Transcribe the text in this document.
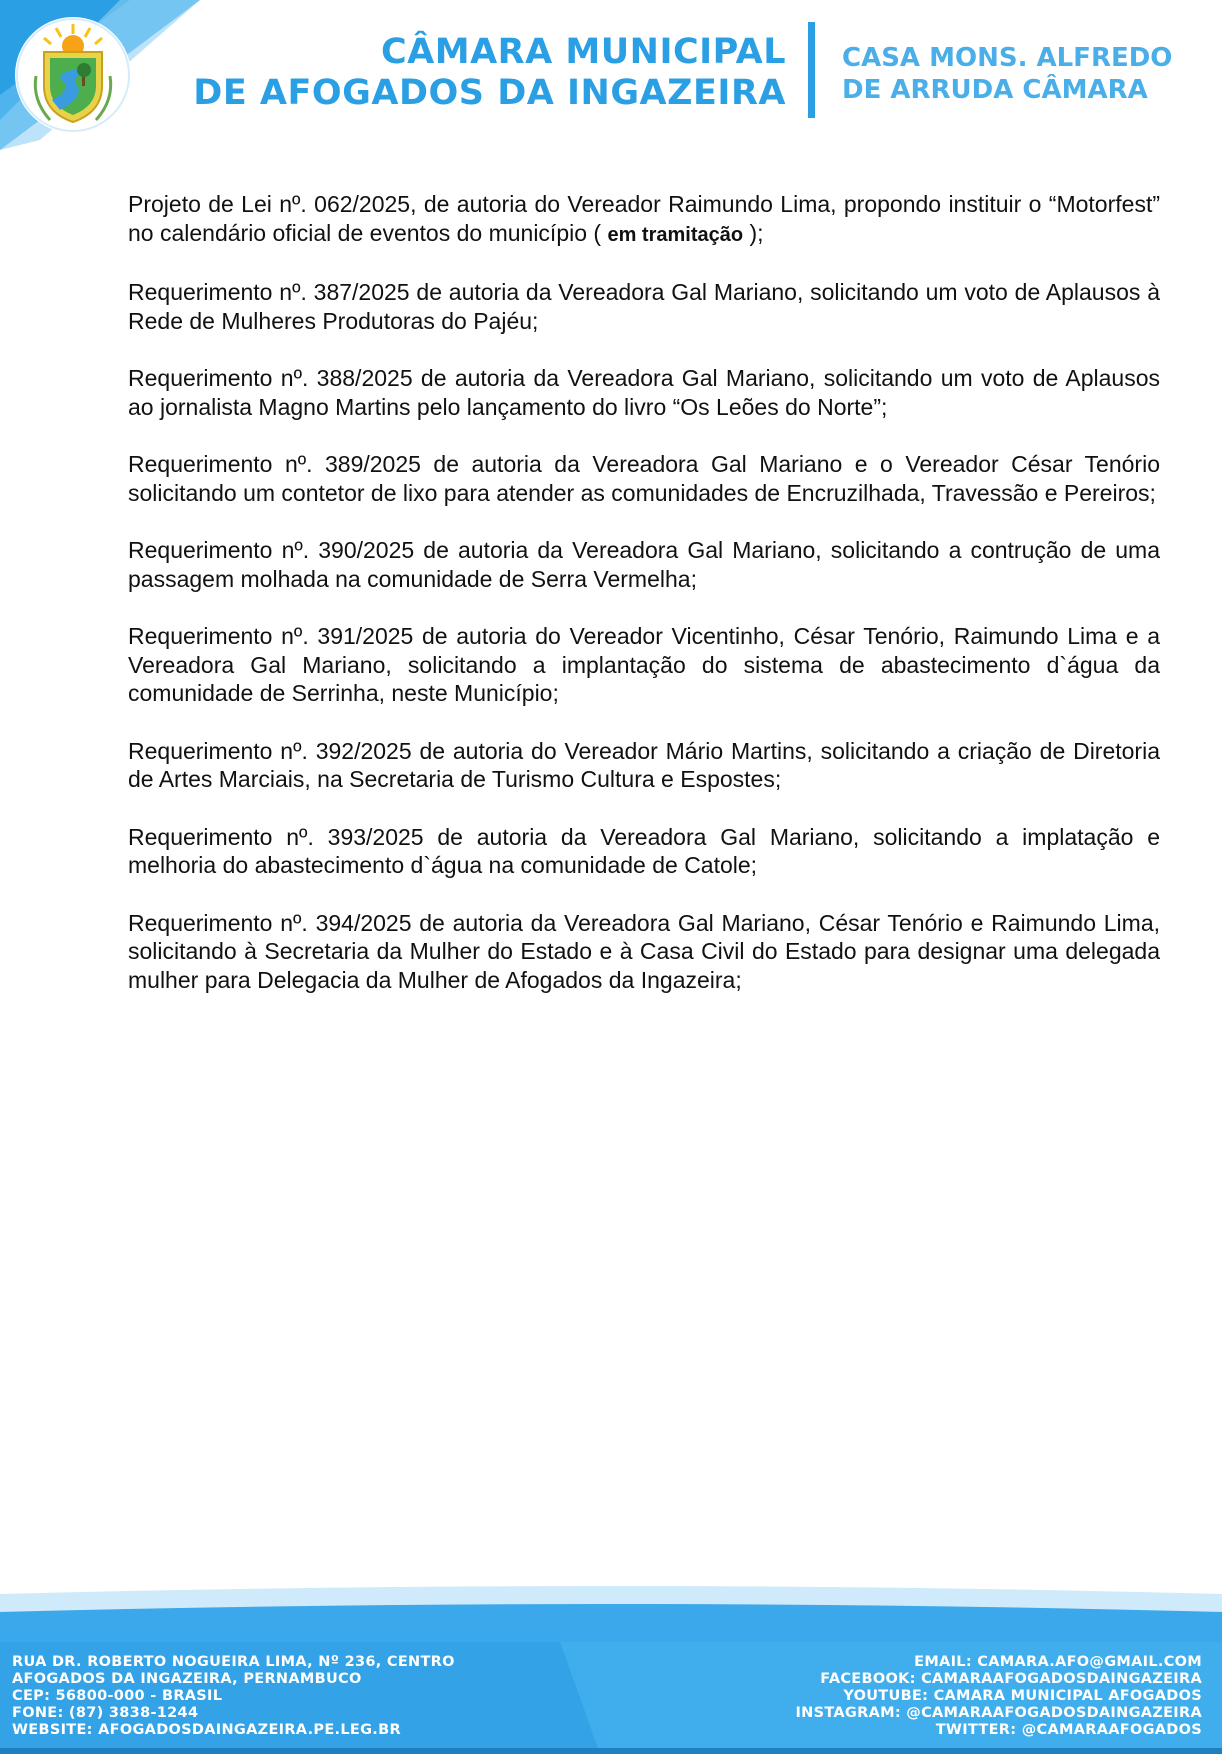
CÂMARA MUNICIPAL
DE AFOGADOS DA INGAZEIRA
CASA MONS. ALFREDO
DE ARRUDA CÂMARA

Projeto de Lei nº. 062/2025, de autoria do Vereador Raimundo Lima, propondo instituir o “Motorfest” no calendário oficial de eventos do município ( em tramitação );

Requerimento nº. 387/2025 de autoria da Vereadora Gal Mariano, solicitando um voto de Aplausos à Rede de Mulheres Produtoras do Pajéu;

Requerimento nº. 388/2025 de autoria da Vereadora Gal Mariano, solicitando um voto de Aplausos ao jornalista Magno Martins pelo lançamento do livro “Os Leões do Norte”;

Requerimento nº. 389/2025 de autoria da Vereadora Gal Mariano e o Vereador César Tenório solicitando um contetor de lixo para atender as comunidades de Encruzilhada, Travessão e Pereiros;

Requerimento nº. 390/2025 de autoria da Vereadora Gal Mariano, solicitando a contrução de uma passagem molhada na comunidade de Serra Vermelha;

Requerimento nº. 391/2025 de autoria do Vereador Vicentinho, César Tenório, Raimundo Lima e a Vereadora Gal Mariano, solicitando a implantação do sistema de abastecimento d`água da comunidade de Serrinha, neste Município;

Requerimento nº. 392/2025 de autoria do Vereador Mário Martins, solicitando a criação de Diretoria de Artes Marciais, na Secretaria de Turismo Cultura e Espostes;

Requerimento nº. 393/2025 de autoria da Vereadora Gal Mariano, solicitando a implatação e melhoria do abastecimento d`água na comunidade de Catole;

Requerimento nº. 394/2025 de autoria da Vereadora Gal Mariano, César Tenório e Raimundo Lima, solicitando à Secretaria da Mulher do Estado e à Casa Civil do Estado para designar uma delegada mulher para Delegacia da Mulher de Afogados da Ingazeira;

RUA DR. ROBERTO NOGUEIRA LIMA, Nº 236, CENTRO
AFOGADOS DA INGAZEIRA, PERNAMBUCO
CEP: 56800-000 - BRASIL
FONE: (87) 3838-1244
WEBSITE: AFOGADOSDAINGAZEIRA.PE.LEG.BR
EMAIL: CAMARA.AFO@GMAIL.COM
FACEBOOK: CAMARAAFOGADOSDAINGAZEIRA
YOUTUBE: CAMARA MUNICIPAL AFOGADOS
INSTAGRAM: @CAMARAAFOGADOSDAINGAZEIRA
TWITTER: @CAMARAAFOGADOS
